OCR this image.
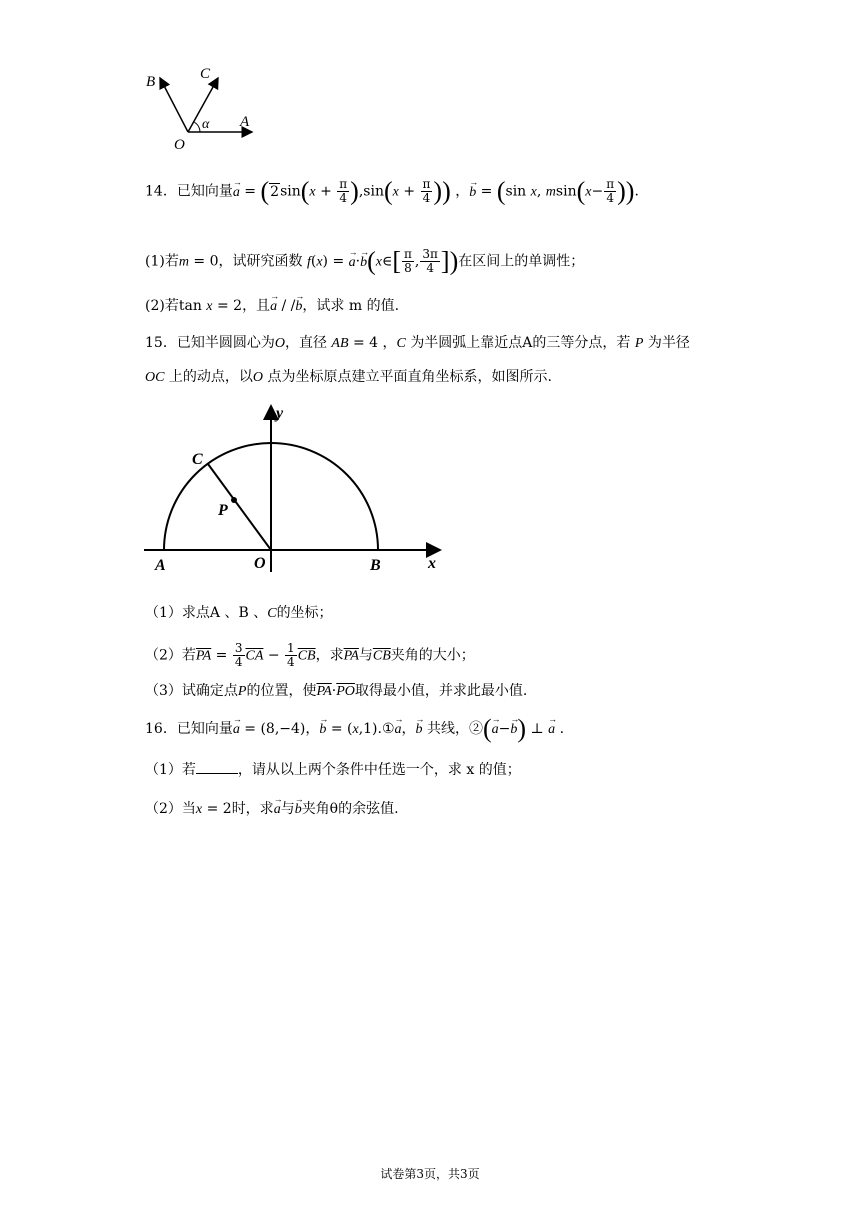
B	C
A
O
α
14．已知向量→ $a = (2\sin(x + \frac{\pi}{4} ),\sin(x + \frac{\pi}{4}$ )) ，→ b = (sin x, $msin(x- \frac{\pi}{4}$ )).
(1)若m = 0，试研究函数 f(x) = → a·→ b(x∈[ $\frac{\pi}{8}$ , $\frac{3\pi}{4}$ ])在区间上的单调性；
(2)若tan x = 2，且→ a / /→ b，试求 m 的值.
15．已知半圆圆心为O，直径 AB = 4 ，C 为半圆弧上靠近点A的三等分点，若 P 为半径
OC 上的动点，以O 点为坐标原点建立平面直角坐标系，如图所示.
y
C
P
A	O	B	x
（1）求点A 、B 、C的坐标；
（2）若$\overline{PA} = \frac{3}{4} \overline{CA} - \frac{1}{4} \overline{CB}$，求$\overline{PA}$与$\overline{CB}$夹角的大小；
（3）试确定点P的位置，使$\overline{PA}\cdot\overline{PO}$取得最小值，并求此最小值.
16．已知向量→ a = (8,−4)，→ b = (x,1).①→ a，→ b 共线，②(→ a−→ b) ⊥ → a .
（1）若	，请从以上两个条件中任选一个，求 x 的值；
（2）当x = 2时，求→ a与→ b夹角θ的余弦值.
试卷第3页，共3页
